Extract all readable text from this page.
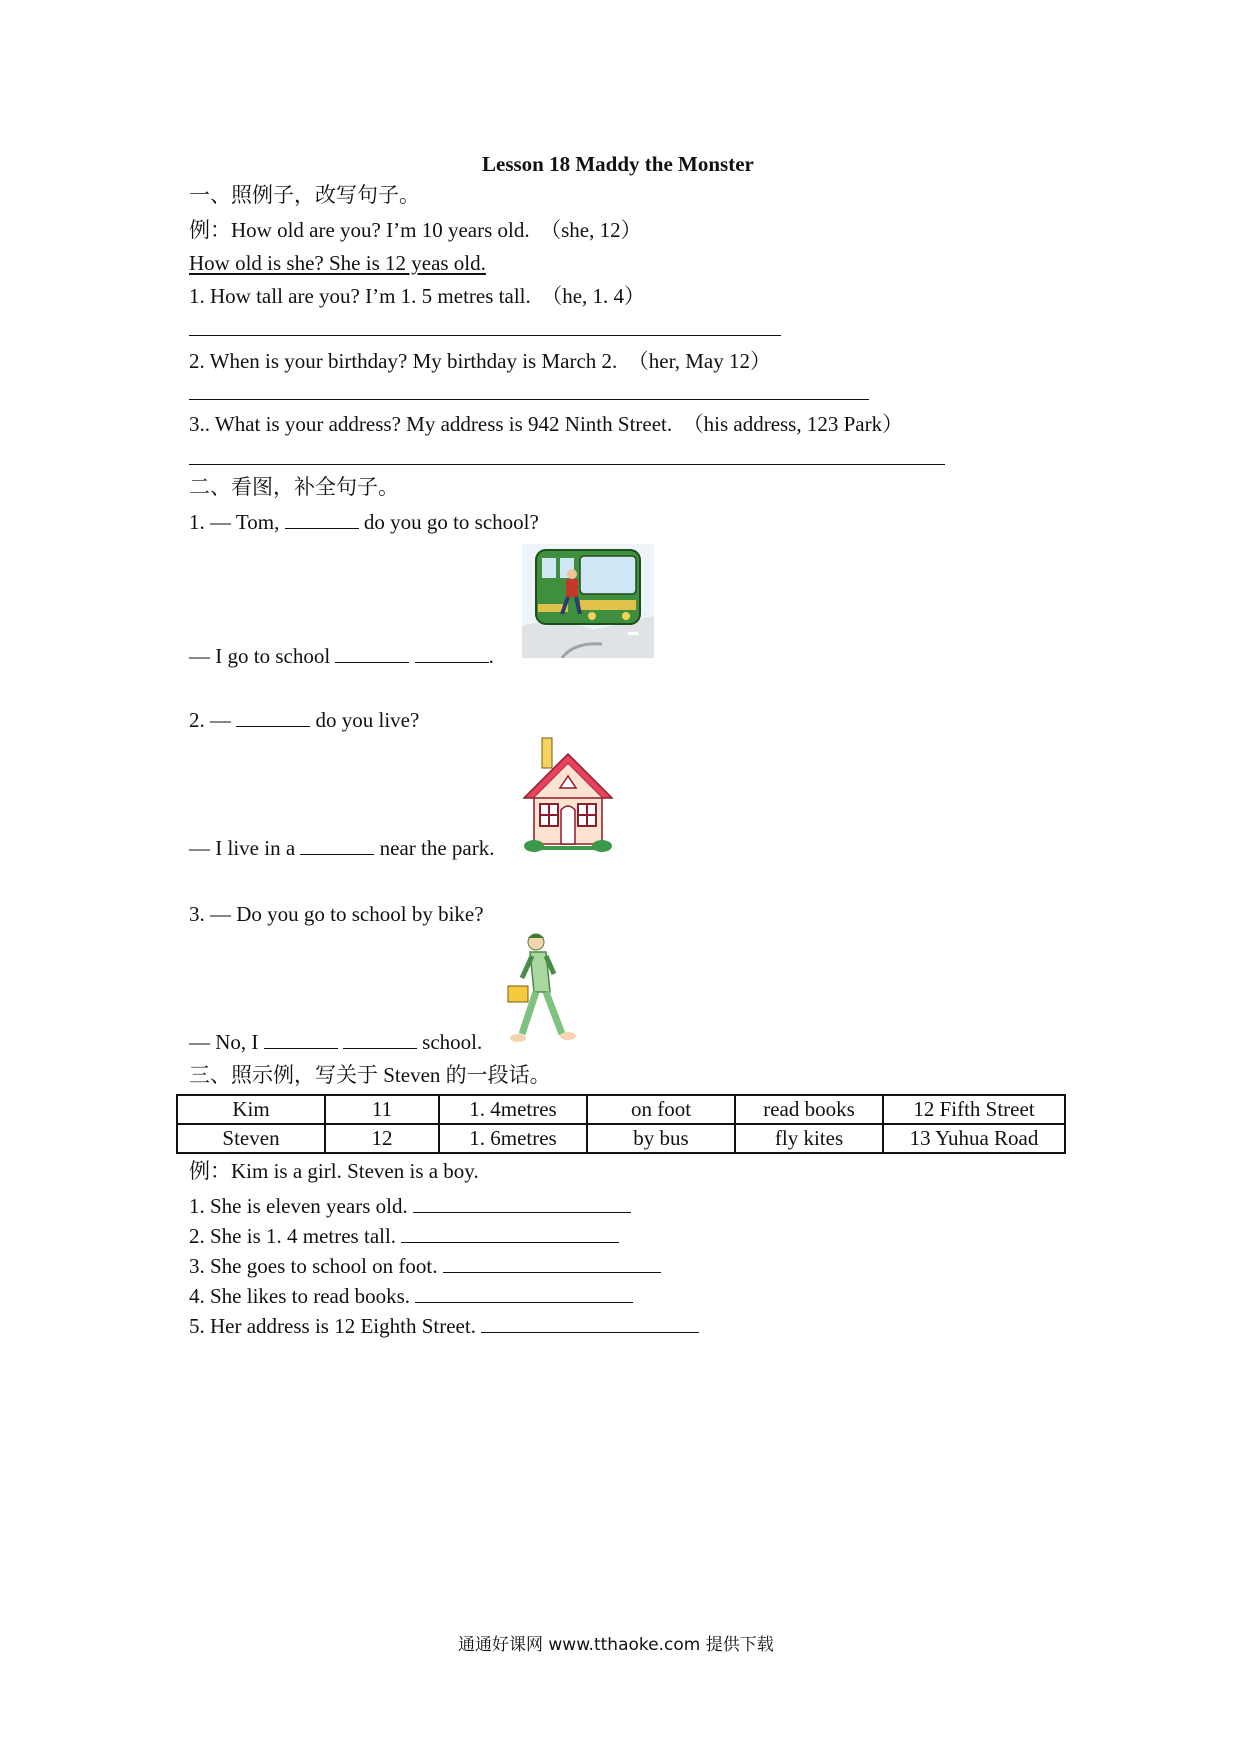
Lesson 18 Maddy the Monster
一、照例子，改写句子。
例：How old are you? I’m 10 years old.　（she, 12）
How old is she? She is 12 yeas old.
1. How tall are you? I’m 1. 5 metres tall.　（he, 1. 4）
2. When is your birthday? My birthday is March 2.　（her, May 12）
3.. What is your address? My address is 942 Ninth Street.　（his address, 123 Park）
二、看图，补全句子。
1. — Tom,	do you go to school?
— I go to school	.
2. —	do you live?
— I live in a	near the park.
3. — Do you go to school by bike?
— No, I	school.
三、照示例，写关于 Steven 的一段话。
Kim	11	1. 4metres	on foot	read books	12 Fifth Street
Steven	12	1. 6metres	by bus	fly kites	13 Yuhua Road
例：Kim is a girl. Steven is a boy.
1. She is eleven years old.
2. She is 1. 4 metres tall.
3. She goes to school on foot.
4. She likes to read books.
5. Her address is 12 Eighth Street.
通通好课网 www.tthaoke.com 提供下载
